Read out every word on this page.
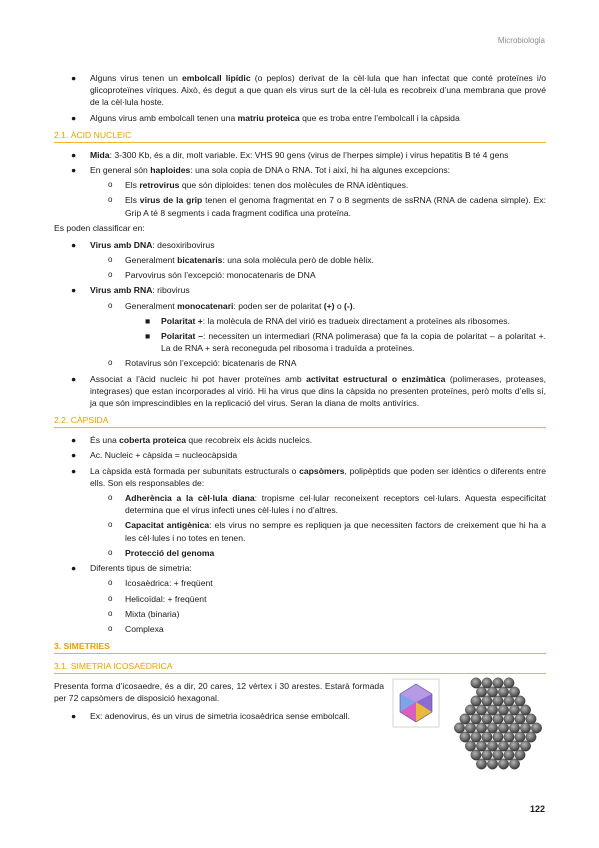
Microbiologia
● Alguns virus tenen un embolcall lipídic (o peplos) derivat de la cèl·lula que han infectat que conté proteïnes i/o glicoproteïnes víriques. Això, és degut a que quan els virus surt de la cèl·lula es recobreix d’una membrana que prové de la cèl·lula hoste.
● Alguns virus amb embolcall tenen una matriu proteica que es troba entre l’embolcall i la càpsida
2.1. ÀCID NUCLEIC
● Mida: 3-300 Kb, és a dir, molt variable. Ex: VHS 90 gens (virus de l’herpes simple) i virus hepatitis B té 4 gens
● En general són haploides: una sola copia de DNA o RNA. Tot i així, hi ha algunes excepcions:
o Els retrovirus que són diploides: tenen dos molècules de RNA idèntiques.
o Els virus de la grip tenen el genoma fragmentat en 7 o 8 segments de ssRNA (RNA de cadena simple). Ex: Grip A té 8 segments i cada fragment codifica una proteïna.

Es poden classificar en:

● Virus amb DNA: desoxiribovirus
o Generalment bicatenaris: una sola molècula però de doble hèlix.
o Parvovirus són l’excepció: monocatenaris de DNA
● Virus amb RNA: ribovirus
o Generalment monocatenari: poden ser de polaritat (+) o (-).
■ Polaritat +: la molècula de RNA del virió es tradueix directament a proteïnes als ribosomes.
■ Polaritat –: necessiten un intermediari (RNA polimerasa) que fa la copia de polaritat – a polaritat +. La de RNA + serà reconeguda pel ribosoma i traduïda a proteïnes.
o Rotavirus són l’excepció: bicatenaris de RNA
● Associat a l’àcid nucleic hi pot haver proteïnes amb activitat estructural o enzimàtica (polimerases, proteases, integrases) que estan incorporades al virió. Hi ha virus que dins la càpsida no presenten proteïnes, però molts d’ells sí, ja que són imprescindibles en la replicació del virus. Seran la diana de molts antivírics.
2.2. CÀPSIDA
● És una coberta proteica que recobreix els àcids nucleics.
● Ac. Nucleic + càpsida = nucleocàpsida
● La càpsida està formada per subunitats estructurals o capsòmers, polipèptids que poden ser idèntics o diferents entre ells. Son els responsables de:
o Adherència a la cèl·lula diana: tropisme cel·lular reconeixent receptors cel·lulars. Aquesta especificitat determina que el virus infecti unes cèl·lules i no d’altres.
o Capacitat antigènica: els virus no sempre es repliquen ja que necessiten factors de creixement que hi ha a les cèl·lules i no totes en tenen.
o Protecció del genoma
● Diferents tipus de simetria:
o Icosaèdrica: + freqüent
o Helicoïdal: + freqüent
o Mixta (binaria)
o Complexa
3. SIMETRIES
3.1. SIMETRIA ICOSAÈDRICA

Presenta forma d’icosaedre, és a dir, 20 cares, 12 vèrtex i 30 arestes. Estarà formada per 72 capsòmers de disposició hexagonal.

● Ex: adenovirus, és un virus de simetria icosaèdrica sense embolcall.
122
